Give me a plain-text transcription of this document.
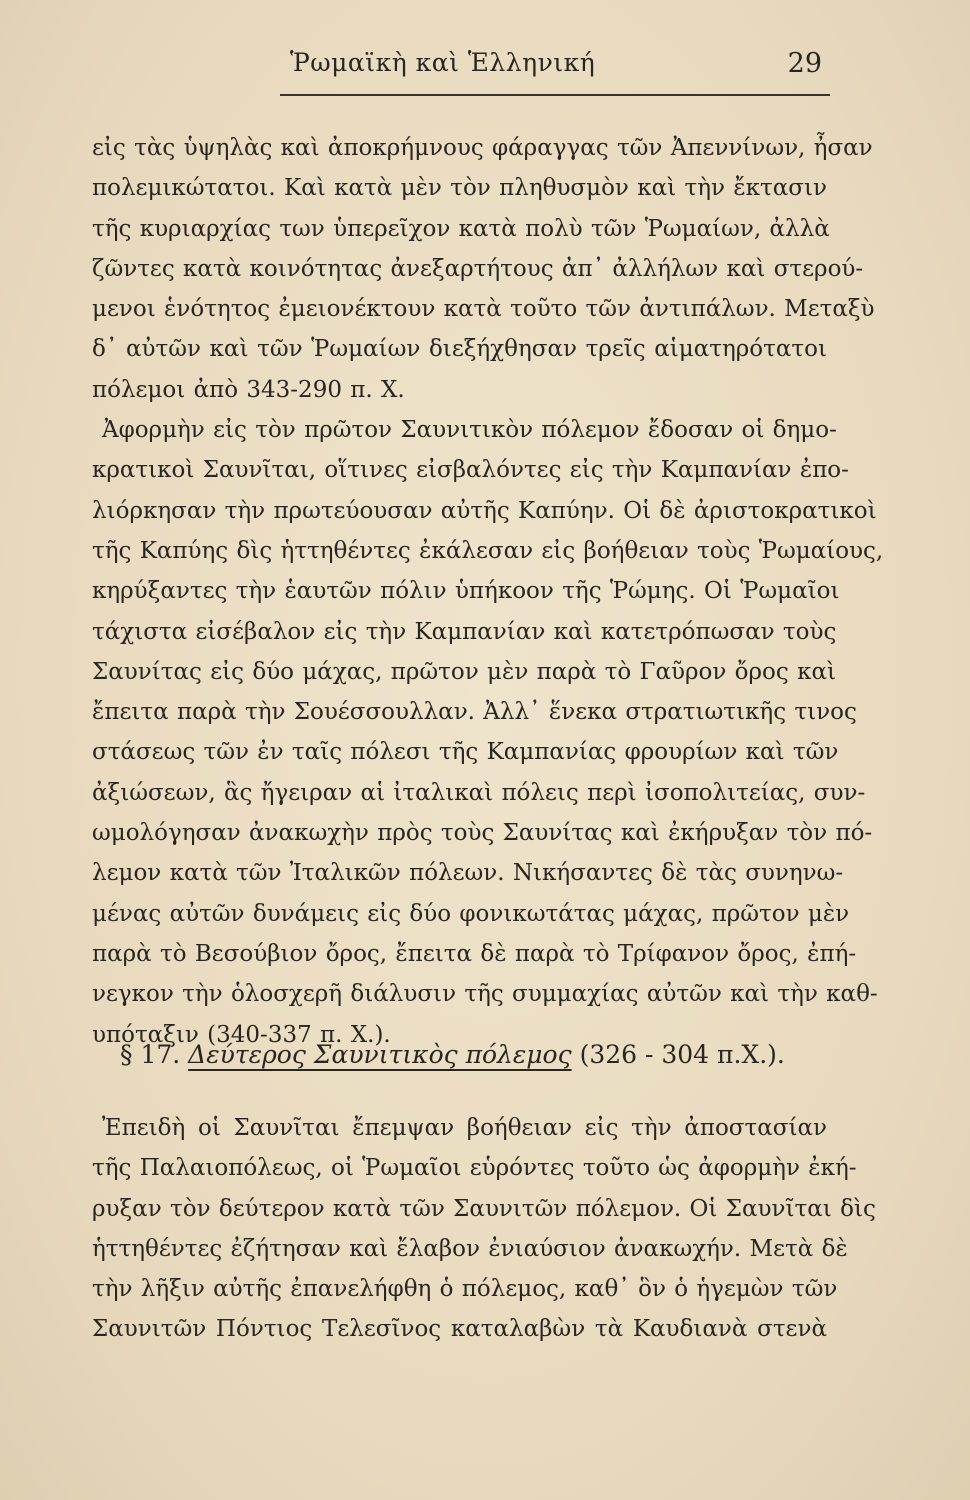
Ῥωμαϊκὴ καὶ Ἑλληνική	29
εἰς τὰς ὑψηλὰς καὶ ἀποκρήμνους φάραγγας τῶν Ἀπεννίνων, ἦσαν
πολεμικώτατοι. Καὶ κατὰ μὲν τὸν πληθυσμὸν καὶ τὴν ἔκτασιν
τῆς κυριαρχίας των ὑπερεῖχον κατὰ πολὺ τῶν Ῥωμαίων, ἀλλὰ
ζῶντες κατὰ κοινότητας ἀνεξαρτήτους ἀπ᾽ ἀλλήλων καὶ στερού-
μενοι ἑνότητος ἐμειονέκτουν κατὰ τοῦτο τῶν ἀντιπάλων. Μεταξὺ
δ᾽ αὐτῶν καὶ τῶν Ῥωμαίων διεξήχθησαν τρεῖς αἱματηρότατοι
πόλεμοι ἀπὸ 343-290 π. Χ.
Ἀφορμὴν εἰς τὸν πρῶτον Σαυνιτικὸν πόλεμον ἔδοσαν οἱ δημο-
κρατικοὶ Σαυνῖται, οἵτινες εἰσβαλόντες εἰς τὴν Καμπανίαν ἐπο-
λιόρκησαν τὴν πρωτεύουσαν αὐτῆς Καπύην. Οἱ δὲ ἀριστοκρατικοὶ
τῆς Καπύης δὶς ἡττηθέντες ἐκάλεσαν εἰς βοήθειαν τοὺς Ῥωμαίους,
κηρύξαντες τὴν ἑαυτῶν πόλιν ὑπήκοον τῆς Ῥώμης. Οἱ Ῥωμαῖοι
τάχιστα εἰσέβαλον εἰς τὴν Καμπανίαν καὶ κατετρόπωσαν τοὺς
Σαυνίτας εἰς δύο μάχας, πρῶτον μὲν παρὰ τὸ Γαῦρον ὄρος καὶ
ἔπειτα παρὰ τὴν Σουέσσουλλαν. Ἀλλ᾽ ἕνεκα στρατιωτικῆς τινος
στάσεως τῶν ἐν ταῖς πόλεσι τῆς Καμπανίας φρουρίων καὶ τῶν
ἀξιώσεων, ἃς ἤγειραν αἱ ἰταλικαὶ πόλεις περὶ ἰσοπολιτείας, συν-
ωμολόγησαν ἀνακωχὴν πρὸς τοὺς Σαυνίτας καὶ ἐκήρυξαν τὸν πό-
λεμον κατὰ τῶν Ἰταλικῶν πόλεων. Νικήσαντες δὲ τὰς συνηνω-
μένας αὐτῶν δυνάμεις εἰς δύο φονικωτάτας μάχας, πρῶτον μὲν
παρὰ τὸ Βεσούβιον ὄρος, ἔπειτα δὲ παρὰ τὸ Τρίφανον ὄρος, ἐπή-
νεγκον τὴν ὁλοσχερῆ διάλυσιν τῆς συμμαχίας αὐτῶν καὶ τὴν καθ-
υπόταξιν (340-337 π. Χ.).
§ 17. Δεύτερος Σαυνιτικὸς πόλεμος (326 - 304 π.Χ.).
Ἐπειδὴ οἱ Σαυνῖται ἔπεμψαν βοήθειαν εἰς τὴν ἀποστασίαν
τῆς Παλαιοπόλεως, οἱ Ῥωμαῖοι εὑρόντες τοῦτο ὡς ἀφορμὴν ἐκή-
ρυξαν τὸν δεύτερον κατὰ τῶν Σαυνιτῶν πόλεμον. Οἱ Σαυνῖται δὶς
ἡττηθέντες ἐζήτησαν καὶ ἔλαβον ἐνιαύσιον ἀνακωχήν. Μετὰ δὲ
τὴν λῆξιν αὐτῆς ἐπανελήφθη ὁ πόλεμος, καθ᾽ ὃν ὁ ἡγεμὼν τῶν
Σαυνιτῶν Πόντιος Τελεσῖνος καταλαβὼν τὰ Καυδιανὰ στενὰ
